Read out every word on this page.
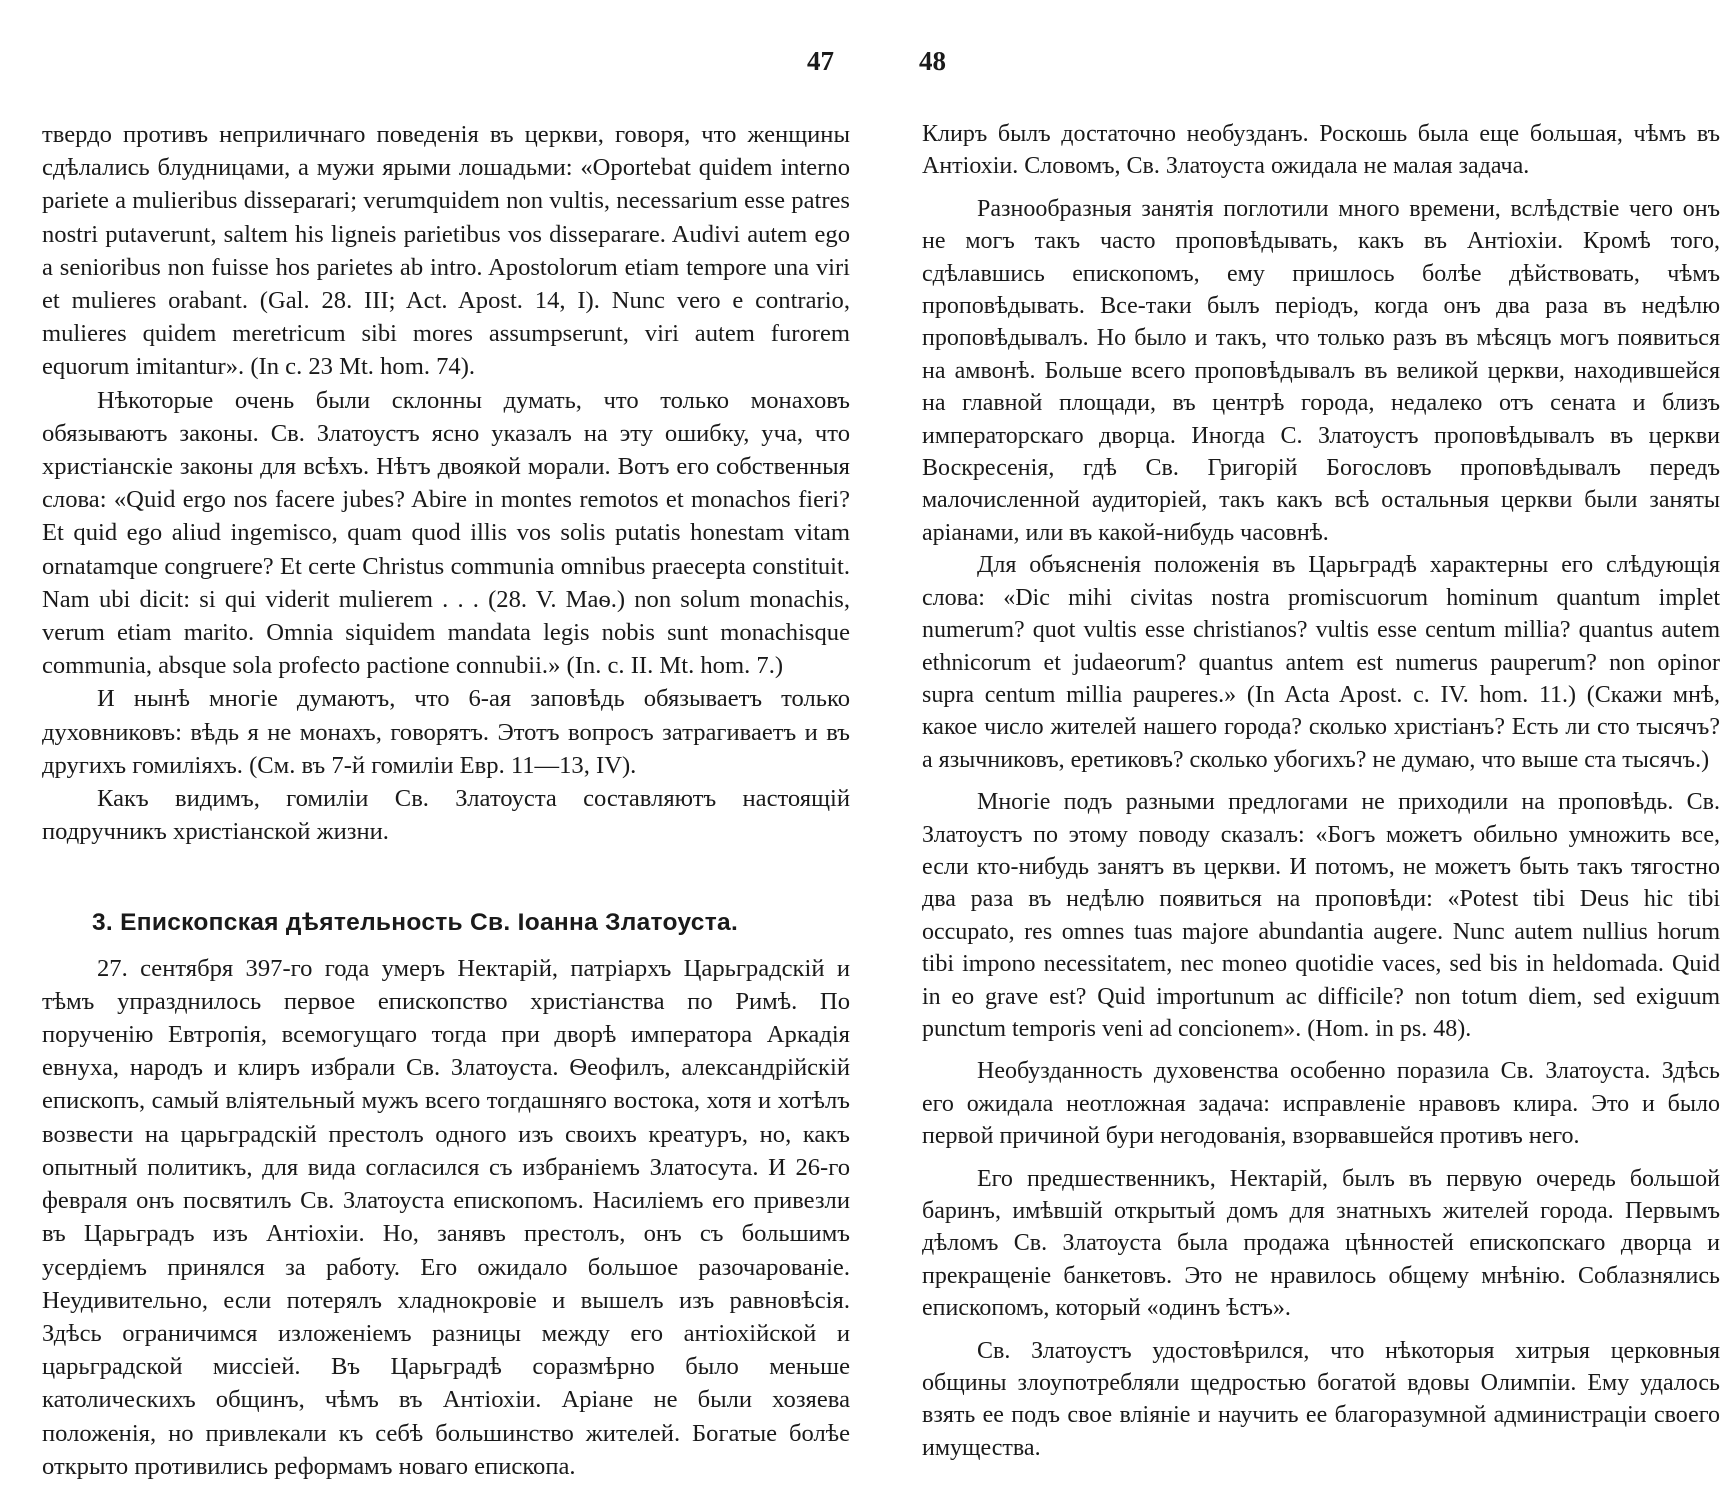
47	48

твердо противъ неприличнаго поведенія въ церкви, говоря, что женщины сдѣлались блудницами, а мужи ярыми лошадьми: «Oportebat quidem interno pariete a mulieribus disseparari; verumquidem non vultis, necessarium esse patres nostri putaverunt, saltem his ligneis parietibus vos disseparare. Audivi autem ego a senioribus non fuisse hos parietes ab intro. Apostolorum etiam tempore una viri et mulieres orabant. (Gal. 28. III; Act. Apost. 14, I). Nunc vero e contrario, mulieres quidem meretricum sibi mores assumpserunt, viri autem furorem equorum imitantur». (In c. 23 Mt. hom. 74).

Нѣкоторые очень были склонны думать, что только монаховъ обязываютъ законы. Св. Златоустъ ясно указалъ на эту ошибку, уча, что христіанскіе законы для всѣхъ. Нѣтъ двоякой морали. Вотъ его собственныя слова: «Quid ergo nos facere jubes? Abire in montes remotos et monachos fieri? Et quid ego aliud ingemisco, quam quod illis vos solis putatis honestam vitam ornatamque congruere? Et certe Christus communia omnibus praecepta constituit. Nam ubi dicit: si qui viderit mulierem . . . (28. V. Маѳ.) non solum monachis, verum etiam marito. Omnia siquidem mandata legis nobis sunt monachisque communia, absque sola profecto pactione connubii.» (In. c. II. Mt. hom. 7.)

И нынѣ многіе думаютъ, что 6-ая заповѣдь обязываетъ только духовниковъ: вѣдь я не монахъ, говорятъ. Этотъ вопросъ затрагиваетъ и въ другихъ гомиліяхъ. (См. въ 7-й гомиліи Евр. 11—13, IV).

Какъ видимъ, гомиліи Св. Златоуста составляютъ настоящій подручникъ христіанской жизни.

3. Епископская дѣятельность Св. Іоанна Златоуста.

27. сентября 397-го года умеръ Нектарій, патріархъ Царьградскій и тѣмъ упразднилось первое епископство христіанства по Римѣ. По порученію Евтропія, всемогущаго тогда при дворѣ императора Аркадія евнуха, народъ и клиръ избрали Св. Златоуста. Ѳеофилъ, александрійскій епископъ, самый вліятельный мужъ всего тогдашняго востока, хотя и хотѣлъ возвести на царьградскій престолъ одного изъ своихъ креатуръ, но, какъ опытный политикъ, для вида согласился съ избраніемъ Златосута. И 26-го февраля онъ посвятилъ Св. Златоуста епископомъ. Насиліемъ его привезли въ Царьградъ изъ Антіохіи. Но, занявъ престолъ, онъ съ большимъ усердіемъ принялся за работу. Его ожидало большое разочарованіе. Неудивительно, если потерялъ хладнокровіе и вышелъ изъ равновѣсія. Здѣсь ограничимся изложеніемъ разницы между его антіохійской и царьградской миссіей. Въ Царьградѣ соразмѣрно было меньше католическихъ общинъ, чѣмъ въ Антіохіи. Аріане не были хозяева положенія, но привлекали къ себѣ большинство жителей. Богатые болѣе открыто противились реформамъ новаго епископа.

Клиръ былъ достаточно необузданъ. Роскошь была еще большая, чѣмъ въ Антіохіи. Словомъ, Св. Златоуста ожидала не малая задача.

Разнообразныя занятія поглотили много времени, вслѣдствіе чего онъ не могъ такъ часто проповѣдывать, какъ въ Антіохіи. Кромѣ того, сдѣлавшись епископомъ, ему пришлось болѣе дѣйствовать, чѣмъ проповѣдывать. Все-таки былъ періодъ, когда онъ два раза въ недѣлю проповѣдывалъ. Но было и такъ, что только разъ въ мѣсяцъ могъ появиться на амвонѣ. Больше всего проповѣдывалъ въ великой церкви, находившейся на главной площади, въ центрѣ города, недалеко отъ сената и близъ императорскаго дворца. Иногда С. Златоустъ проповѣдывалъ въ церкви Воскресенія, гдѣ Св. Григорій Богословъ проповѣдывалъ передъ малочисленной аудиторіей, такъ какъ всѣ остальныя церкви были заняты аріанами, или въ какой-нибудь часовнѣ.

Для объясненія положенія въ Царьградѣ характерны его слѣдующія слова: «Dic mihi civitas nostra promiscuorum hominum quantum implet numerum? quot vultis esse christianos? vultis esse centum millia? quantus autem ethnicorum et judaeorum? quantus antem est numerus pauperum? non opinor supra centum millia pauperes.» (In Acta Apost. c. IV. hom. 11.) (Скажи мнѣ, какое число жителей нашего города? сколько христіанъ? Есть ли сто тысячъ? а язычниковъ, еретиковъ? сколько убогихъ? не думаю, что выше ста тысячъ.)

Многіе подъ разными предлогами не приходили на проповѣдь. Св. Златоустъ по этому поводу сказалъ: «Богъ можетъ обильно умножить все, если кто-нибудь занятъ въ церкви. И потомъ, не можетъ быть такъ тягостно два раза въ недѣлю появиться на проповѣди: «Potest tibi Deus hic tibi occupato, res omnes tuas majore abundantia augere. Nunc autem nullius horum tibi impono necessitatem, nec moneo quotidie vaces, sed bis in heldomada. Quid in eo grave est? Quid importunum ac difficile? non totum diem, sed exiguum punctum temporis veni ad concionem». (Hom. in ps. 48).

Необузданность духовенства особенно поразила Св. Златоуста. Здѣсь его ожидала неотложная задача: исправленіе нравовъ клира. Это и было первой причиной бури негодованія, взорвавшейся противъ него.

Его предшественникъ, Нектарій, былъ въ первую очередь большой баринъ, имѣвшій открытый домъ для знатныхъ жителей города. Первымъ дѣломъ Св. Златоуста была продажа цѣнностей епископскаго дворца и прекращеніе банкетовъ. Это не нравилось общему мнѣнію. Соблазнялись епископомъ, который «одинъ ѣстъ».

Св. Златоустъ удостовѣрился, что нѣкоторыя хитрыя церковныя общины злоупотребляли щедростью богатой вдовы Олимпіи. Ему удалось взять ее подъ свое вліяніе и научить ее благоразумной администраціи своего имущества.
